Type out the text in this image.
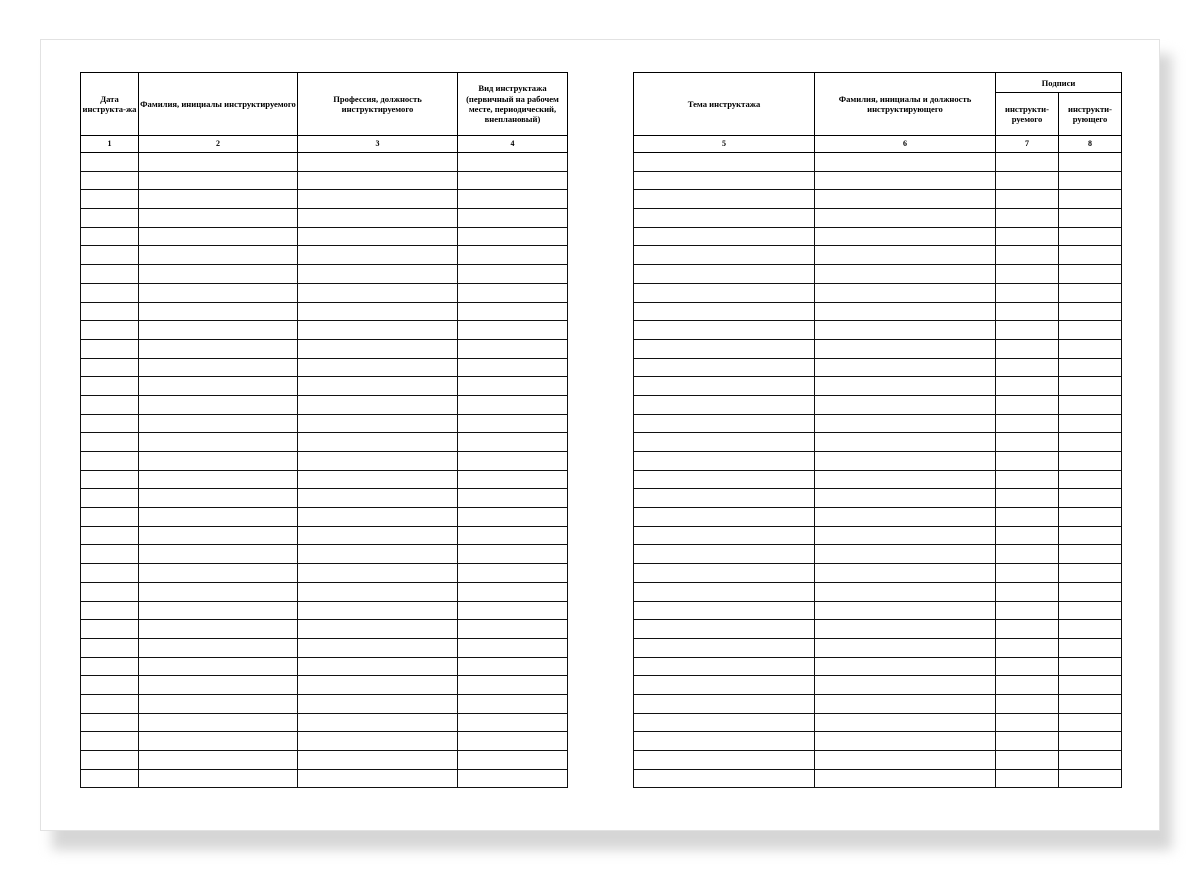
Дата инструкта-жа	Фамилия, инициалы инструктируемого	Профессия, должность инструктируемого	Вид инструктажа (первичный на рабочем месте, периодический, внеплановый)
1	2	3	4

Тема инструктажа	Фамилия, инициалы и должность инструктирующего	Подписи	
		инструкти-руемого	инструкти-рующего
5	6	7	8
